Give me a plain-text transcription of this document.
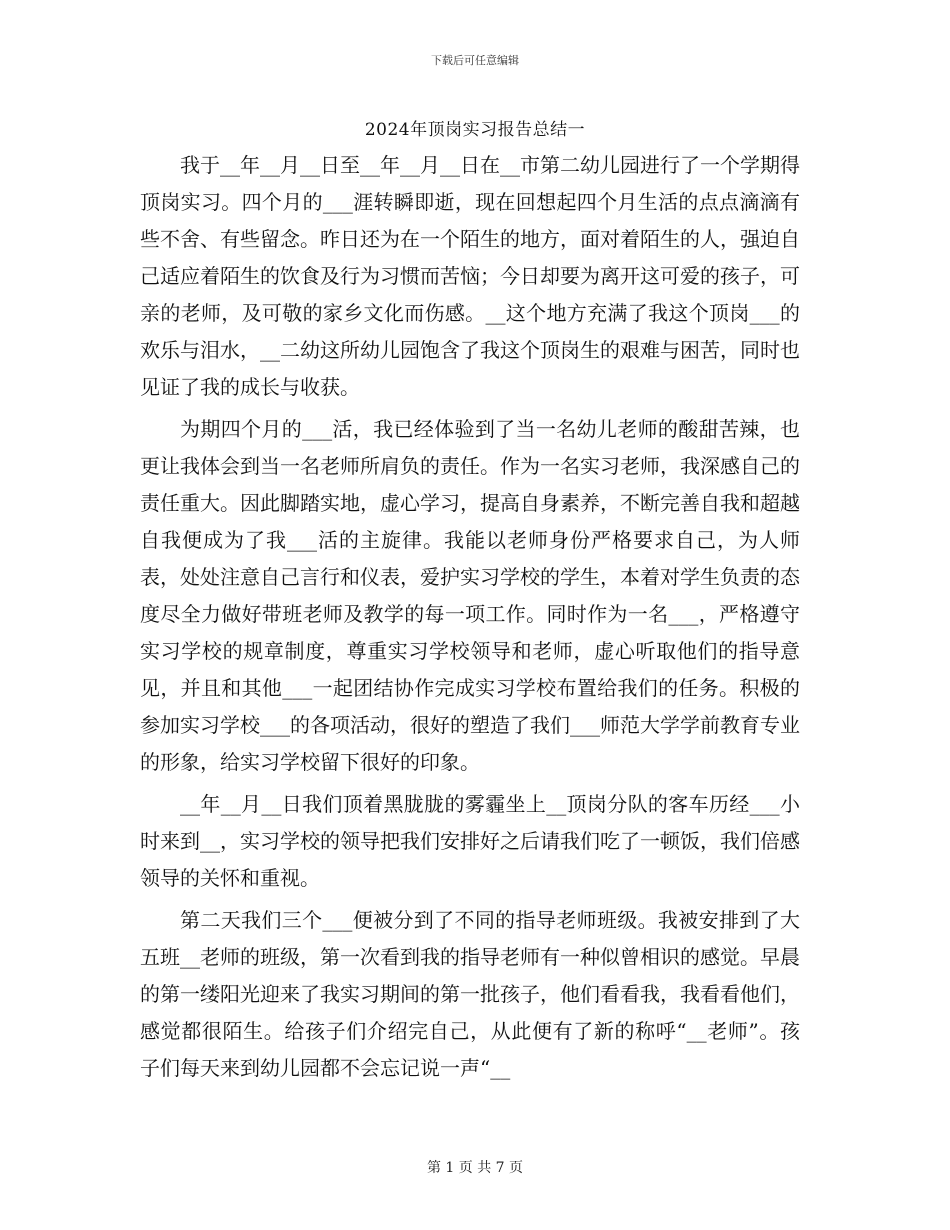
下载后可任意编辑
2024年顶岗实习报告总结一

我于__年__月__日至__年__月__日在__市第二幼儿园进行了一个学期得顶岗实习。四个月的___涯转瞬即逝，现在回想起四个月生活的点点滴滴有些不舍、有些留念。昨日还为在一个陌生的地方，面对着陌生的人，强迫自己适应着陌生的饮食及行为习惯而苦恼；今日却要为离开这可爱的孩子，可亲的老师，及可敬的家乡文化而伤感。__这个地方充满了我这个顶岗___的欢乐与泪水，__二幼这所幼儿园饱含了我这个顶岗生的艰难与困苦，同时也见证了我的成长与收获。

为期四个月的___活，我已经体验到了当一名幼儿老师的酸甜苦辣，也更让我体会到当一名老师所肩负的责任。作为一名实习老师，我深感自己的责任重大。因此脚踏实地，虚心学习，提高自身素养，不断完善自我和超越自我便成为了我___活的主旋律。我能以老师身份严格要求自己，为人师表，处处注意自己言行和仪表，爱护实习学校的学生，本着对学生负责的态度尽全力做好带班老师及教学的每一项工作。同时作为一名___，严格遵守实习学校的规章制度，尊重实习学校领导和老师，虚心听取他们的指导意见，并且和其他___一起团结协作完成实习学校布置给我们的任务。积极的参加实习学校___的各项活动，很好的塑造了我们___师范大学学前教育专业的形象，给实习学校留下很好的印象。

__年__月__日我们顶着黑胧胧的雾霾坐上__顶岗分队的客车历经___小时来到__，实习学校的领导把我们安排好之后请我们吃了一顿饭，我们倍感领导的关怀和重视。

第二天我们三个___便被分到了不同的指导老师班级。我被安排到了大五班__老师的班级，第一次看到我的指导老师有一种似曾相识的感觉。早晨的第一缕阳光迎来了我实习期间的第一批孩子，他们看看我，我看看他们，感觉都很陌生。给孩子们介绍完自己，从此便有了新的称呼“__老师”。孩子们每天来到幼儿园都不会忘记说一声“__

第 1 页 共 7 页
